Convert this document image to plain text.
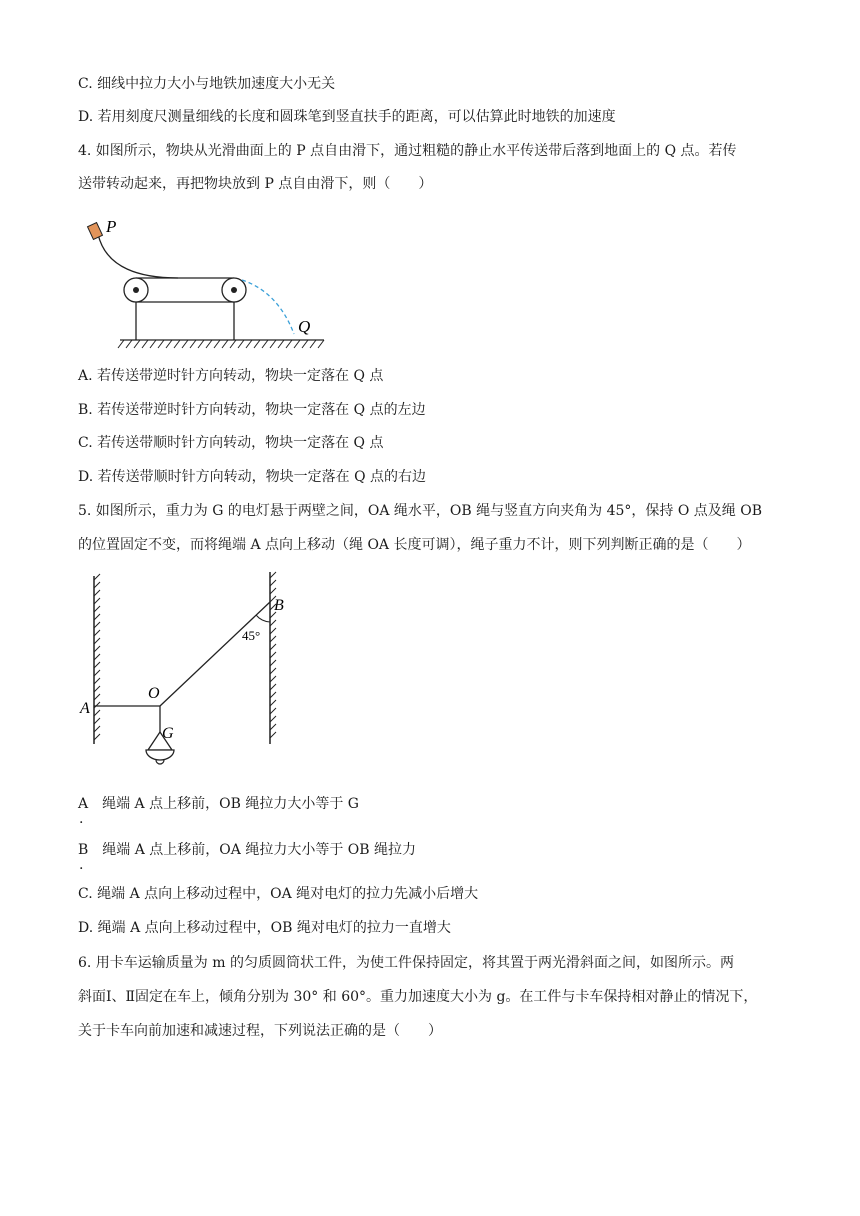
C. 细线中拉力大小与地铁加速度大小无关
D. 若用刻度尺测量细线的长度和圆珠笔到竖直扶手的距离，可以估算此时地铁的加速度
4. 如图所示，物块从光滑曲面上的 P 点自由滑下，通过粗糙的静止水平传送带后落到地面上的 Q 点。若传
送带转动起来，再把物块放到 P 点自由滑下，则（　　）
P
Q
A. 若传送带逆时针方向转动，物块一定落在 Q 点
B. 若传送带逆时针方向转动，物块一定落在 Q 点的左边
C. 若传送带顺时针方向转动，物块一定落在 Q 点
D. 若传送带顺时针方向转动，物块一定落在 Q 点的右边
5. 如图所示，重力为 G 的电灯悬于两壁之间，OA 绳水平，OB 绳与竖直方向夹角为 45°，保持 O 点及绳 OB
的位置固定不变，而将绳端 A 点向上移动（绳 OA 长度可调），绳子重力不计，则下列判断正确的是（　　）
A
B
O
G
45°
A　绳端 A 点上移前，OB 绳拉力大小等于 G
.
B　绳端 A 点上移前，OA 绳拉力大小等于 OB 绳拉力
.
C. 绳端 A 点向上移动过程中，OA 绳对电灯的拉力先减小后增大
D. 绳端 A 点向上移动过程中，OB 绳对电灯的拉力一直增大
6. 用卡车运输质量为 m 的匀质圆筒状工件，为使工件保持固定，将其置于两光滑斜面之间，如图所示。两
斜面Ⅰ、Ⅱ固定在车上，倾角分别为 30° 和 60°。重力加速度大小为 g。在工件与卡车保持相对静止的情况下，
关于卡车向前加速和减速过程，下列说法正确的是（　　）
